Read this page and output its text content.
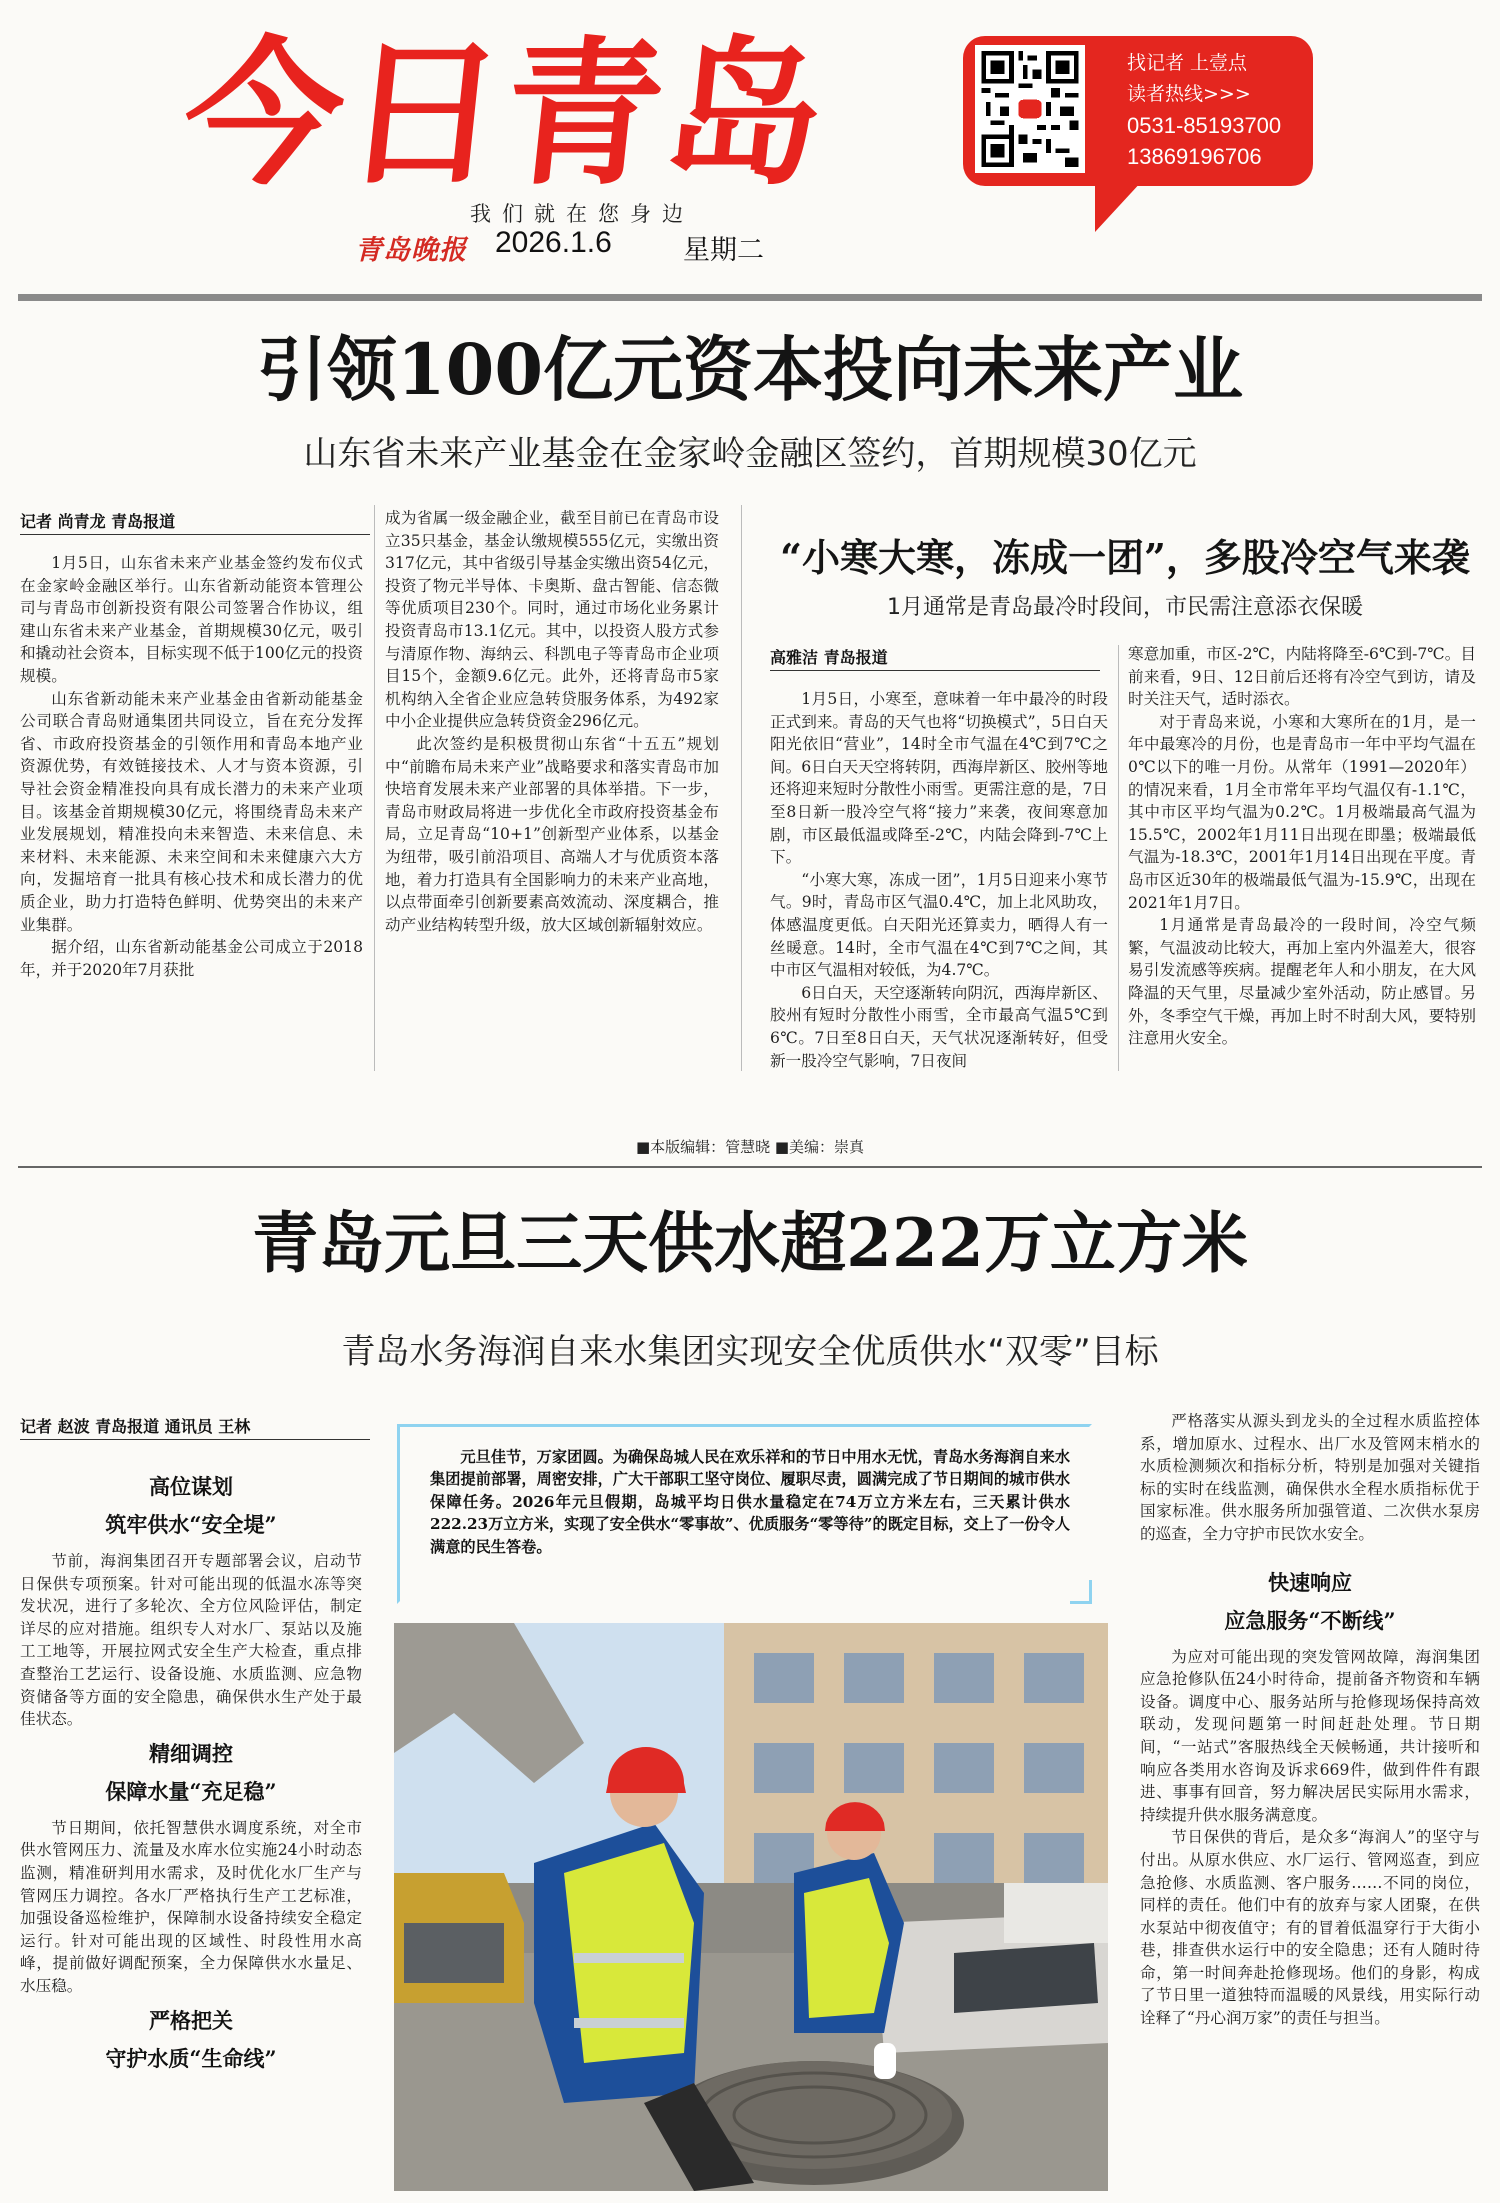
今日青岛
我们就在您身边
青岛晚报 2026.1.6	星期二
找记者 上壹点
读者热线>>>
0531-85193700
13869196706
引领100亿元资本投向未来产业
山东省未来产业基金在金家岭金融区签约，首期规模30亿元
记者 尚青龙 青岛报道

1月5日，山东省未来产业基金签约发布仪式在金家岭金融区举行。山东省新动能资本管理公司与青岛市创新投资有限公司签署合作协议，组建山东省未来产业基金，首期规模30亿元，吸引和撬动社会资本，目标实现不低于100亿元的投资规模。

山东省新动能未来产业基金由省新动能基金公司联合青岛财通集团共同设立，旨在充分发挥省、市政府投资基金的引领作用和青岛本地产业资源优势，有效链接技术、人才与资本资源，引导社会资金精准投向具有成长潜力的未来产业项目。该基金首期规模30亿元，将围绕青岛未来产业发展规划，精准投向未来智造、未来信息、未来材料、未来能源、未来空间和未来健康六大方向，发掘培育一批具有核心技术和成长潜力的优质企业，助力打造特色鲜明、优势突出的未来产业集群。

据介绍，山东省新动能基金公司成立于2018年，并于2020年7月获批

成为省属一级金融企业，截至目前已在青岛市设立35只基金，基金认缴规模555亿元，实缴出资317亿元，其中省级引导基金实缴出资54亿元，投资了物元半导体、卡奥斯、盘古智能、信态微等优质项目230个。同时，通过市场化业务累计投资青岛市13.1亿元。其中，以投资人股方式参与清原作物、海纳云、科凯电子等青岛市企业项目15个，金额9.6亿元。此外，还将青岛市5家机构纳入全省企业应急转贷服务体系，为492家中小企业提供应急转贷资金296亿元。

此次签约是积极贯彻山东省“十五五”规划中“前瞻布局未来产业”战略要求和落实青岛市加快培育发展未来产业部署的具体举措。下一步，青岛市财政局将进一步优化全市政府投资基金布局，立足青岛“10+1”创新型产业体系，以基金为纽带，吸引前沿项目、高端人才与优质资本落地，着力打造具有全国影响力的未来产业高地，以点带面牵引创新要素高效流动、深度耦合，推动产业结构转型升级，放大区域创新辐射效应。

“小寒大寒，冻成一团”，多股冷空气来袭
1月通常是青岛最冷时段间，市民需注意添衣保暖
高雅洁 青岛报道

1月5日，小寒至，意味着一年中最冷的时段正式到来。青岛的天气也将“切换模式”，5日白天阳光依旧“营业”，14时全市气温在4℃到7℃之间。6日白天天空将转阴，西海岸新区、胶州等地还将迎来短时分散性小雨雪。更需注意的是，7日至8日新一股冷空气将“接力”来袭，夜间寒意加剧，市区最低温或降至-2℃，内陆会降到-7℃上下。

“小寒大寒，冻成一团”，1月5日迎来小寒节气。9时，青岛市区气温0.4℃，加上北风助攻，体感温度更低。白天阳光还算卖力，晒得人有一丝暖意。14时，全市气温在4℃到7℃之间，其中市区气温相对较低，为4.7℃。

6日白天，天空逐渐转向阴沉，西海岸新区、胶州有短时分散性小雨雪，全市最高气温5℃到6℃。7日至8日白天，天气状况逐渐转好，但受新一股冷空气影响，7日夜间

寒意加重，市区-2℃，内陆将降至-6℃到-7℃。目前来看，9日、12日前后还将有冷空气到访，请及时关注天气，适时添衣。

对于青岛来说，小寒和大寒所在的1月，是一年中最寒冷的月份，也是青岛市一年中平均气温在0℃以下的唯一月份。从常年（1991—2020年）的情况来看，1月全市常年平均气温仅有-1.1℃，其中市区平均气温为0.2℃。1月极端最高气温为15.5℃，2002年1月11日出现在即墨；极端最低气温为-18.3℃，2001年1月14日出现在平度。青岛市区近30年的极端最低气温为-15.9℃，出现在2021年1月7日。

1月通常是青岛最冷的一段时间，冷空气频繁，气温波动比较大，再加上室内外温差大，很容易引发流感等疾病。提醒老年人和小朋友，在大风降温的天气里，尽量减少室外活动，防止感冒。另外，冬季空气干燥，再加上时不时刮大风，要特别注意用火安全。

■本版编辑：管慧晓 ■美编：崇真
青岛元旦三天供水超222万立方米
青岛水务海润自来水集团实现安全优质供水“双零”目标
记者 赵波 青岛报道 通讯员 王林
元旦佳节，万家团圆。为确保岛城人民在欢乐祥和的节日中用水无忧，青岛水务海润自来水集团提前部署，周密安排，广大干部职工坚守岗位、履职尽责，圆满完成了节日期间的城市供水保障任务。2026年元旦假期，岛城平均日供水量稳定在74万立方米左右，三天累计供水222.23万立方米，实现了安全供水“零事故”、优质服务“零等待”的既定目标，交上了一份令人满意的民生答卷。
高位谋划
筑牢供水“安全堤”

节前，海润集团召开专题部署会议，启动节日保供专项预案。针对可能出现的低温水冻等突发状况，进行了多轮次、全方位风险评估，制定详尽的应对措施。组织专人对水厂、泵站以及施工工地等，开展拉网式安全生产大检查，重点排查整治工艺运行、设备设施、水质监测、应急物资储备等方面的安全隐患，确保供水生产处于最佳状态。

精细调控
保障水量“充足稳”

节日期间，依托智慧供水调度系统，对全市供水管网压力、流量及水库水位实施24小时动态监测，精准研判用水需求，及时优化水厂生产与管网压力调控。各水厂严格执行生产工艺标准，加强设备巡检维护，保障制水设备持续安全稳定运行。针对可能出现的区域性、时段性用水高峰，提前做好调配预案，全力保障供水水量足、水压稳。

严格把关
守护水质“生命线”

严格落实从源头到龙头的全过程水质监控体系，增加原水、过程水、出厂水及管网末梢水的水质检测频次和指标分析，特别是加强对关键指标的实时在线监测，确保供水全程水质指标优于国家标准。供水服务所加强管道、二次供水泵房的巡查，全力守护市民饮水安全。

快速响应
应急服务“不断线”

为应对可能出现的突发管网故障，海润集团应急抢修队伍24小时待命，提前备齐物资和车辆设备。调度中心、服务站所与抢修现场保持高效联动，发现问题第一时间赶赴处理。节日期间，“一站式”客服热线全天候畅通，共计接听和响应各类用水咨询及诉求669件，做到件件有跟进、事事有回音，努力解决居民实际用水需求，持续提升供水服务满意度。

节日保供的背后，是众多“海润人”的坚守与付出。从原水供应、水厂运行、管网巡查，到应急抢修、水质监测、客户服务……不同的岗位，同样的责任。他们中有的放弃与家人团聚，在供水泵站中彻夜值守；有的冒着低温穿行于大街小巷，排查供水运行中的安全隐患；还有人随时待命，第一时间奔赴抢修现场。他们的身影，构成了节日里一道独特而温暖的风景线，用实际行动诠释了“丹心润万家”的责任与担当。
